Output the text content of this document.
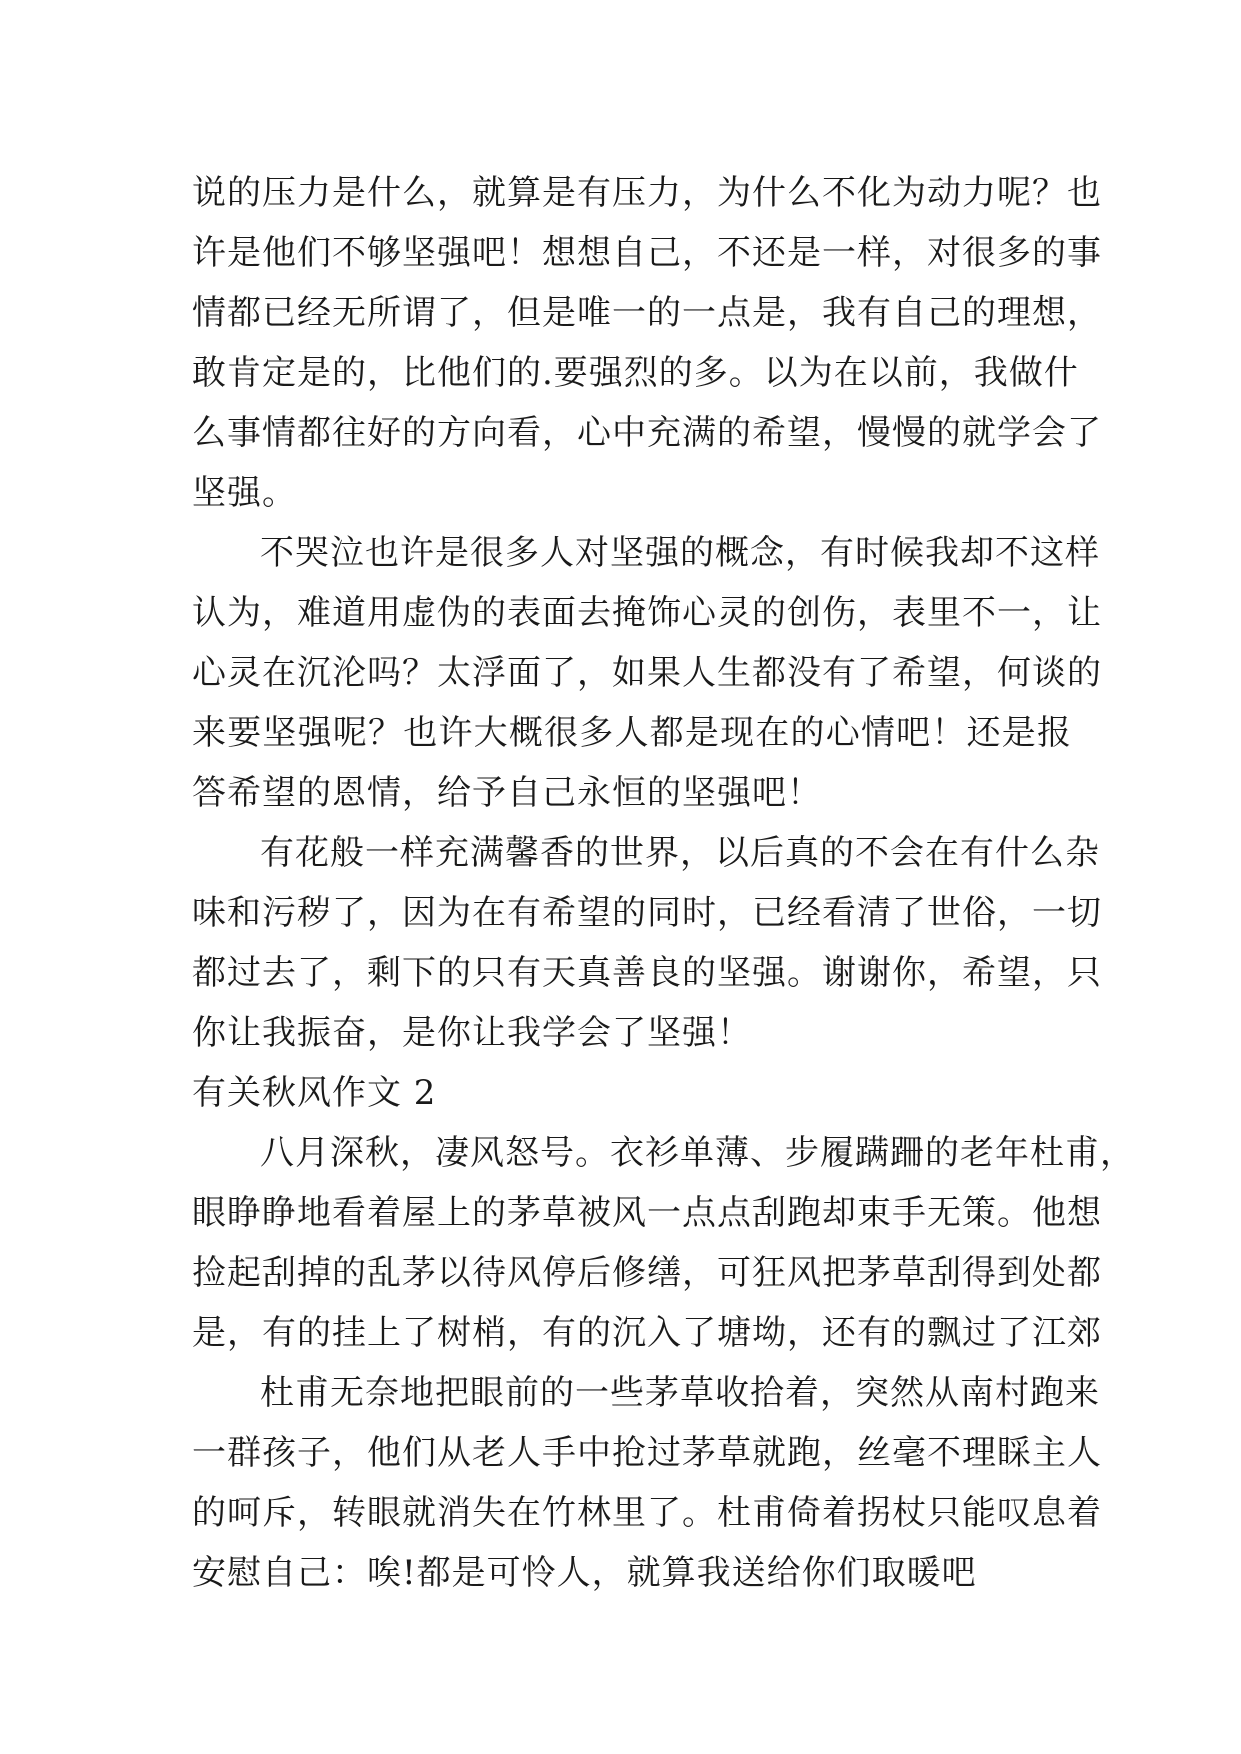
说的压力是什么，就算是有压力，为什么不化为动力呢？也
许是他们不够坚强吧！想想自己，不还是一样，对很多的事
情都已经无所谓了，但是唯一的一点是，我有自己的理想，
敢肯定是的，比他们的.要强烈的多。以为在以前，我做什
么事情都往好的方向看，心中充满的希望，慢慢的就学会了
坚强。
不哭泣也许是很多人对坚强的概念，有时候我却不这样
认为，难道用虚伪的表面去掩饰心灵的创伤，表里不一，让
心灵在沉沦吗？太浮面了，如果人生都没有了希望，何谈的
来要坚强呢？也许大概很多人都是现在的心情吧！还是报
答希望的恩情，给予自己永恒的坚强吧！
有花般一样充满馨香的世界，以后真的不会在有什么杂
味和污秽了，因为在有希望的同时，已经看清了世俗，一切
都过去了，剩下的只有天真善良的坚强。谢谢你，希望，只
你让我振奋，是你让我学会了坚强！
有关秋风作文 2
八月深秋，凄风怒号。衣衫单薄、步履蹒跚的老年杜甫，
眼睁睁地看着屋上的茅草被风一点点刮跑却束手无策。他想
捡起刮掉的乱茅以待风停后修缮，可狂风把茅草刮得到处都
是，有的挂上了树梢，有的沉入了塘坳，还有的飘过了江郊
杜甫无奈地把眼前的一些茅草收拾着，突然从南村跑来
一群孩子，他们从老人手中抢过茅草就跑，丝毫不理睬主人
的呵斥，转眼就消失在竹林里了。杜甫倚着拐杖只能叹息着
安慰自己：唉!都是可怜人，就算我送给你们取暖吧
